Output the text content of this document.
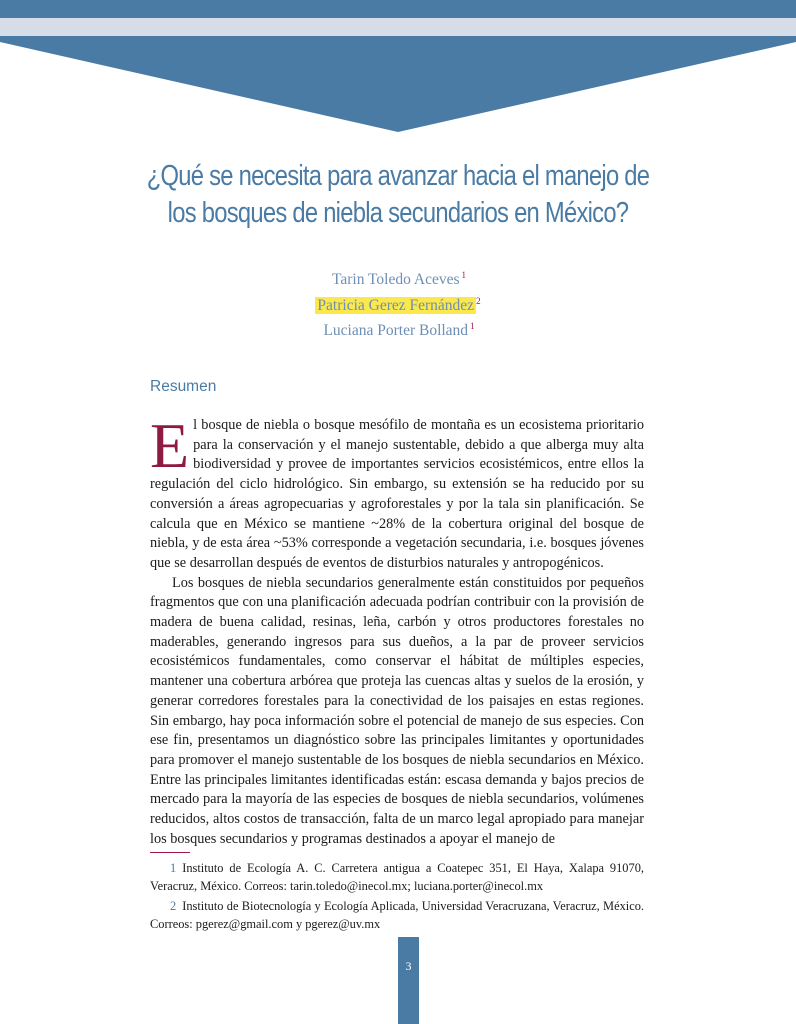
¿Qué se necesita para avanzar hacia el manejo de
los bosques de niebla secundarios en México?
Tarin Toledo Aceves $^1$
Patricia Gerez Fernández $^2$
Luciana Porter Bolland $^1$
Resumen

El bosque de niebla o bosque mesófilo de montaña es un ecosistema prioritario para la conservación y el manejo sustentable, debido a que alberga muy alta biodiversidad y provee de importantes servicios ecosistémicos, entre ellos la regulación del ciclo hidrológico. Sin embargo, su extensión se ha reducido por su conversión a áreas agropecuarias y agroforestales y por la tala sin planificación. Se calcula que en México se mantiene ~28% de la cobertura original del bosque de niebla, y de esta área ~53% corresponde a vegetación secundaria, i.e. bosques jóvenes que se desarrollan después de eventos de disturbios naturales y antropogénicos.

Los bosques de niebla secundarios generalmente están constituidos por pequeños fragmentos que con una planificación adecuada podrían contribuir con la provisión de madera de buena calidad, resinas, leña, carbón y otros productores forestales no maderables, generando ingresos para sus dueños, a la par de proveer servicios ecosistémicos fundamentales, como conservar el hábitat de múltiples especies, mantener una cobertura arbórea que proteja las cuencas altas y suelos de la erosión, y generar corredores forestales para la conectividad de los paisajes en estas regiones. Sin embargo, hay poca información sobre el potencial de manejo de sus especies. Con ese fin, presentamos un diagnóstico sobre las principales limitantes y oportunidades para promover el manejo sustentable de los bosques de niebla secundarios en México. Entre las principales limitantes identificadas están: escasa demanda y bajos precios de mercado para la mayoría de las especies de bosques de niebla secundarios, volúmenes reducidos, altos costos de transacción, falta de un marco legal apropiado para manejar los bosques secundarios y programas destinados a apoyar el manejo de

1 Instituto de Ecología A. C. Carretera antigua a Coatepec 351, El Haya, Xalapa 91070, Veracruz, México. Correos: tarin.toledo@inecol.mx; luciana.porter@inecol.mx

2 Instituto de Biotecnología y Ecología Aplicada, Universidad Veracruzana, Veracruz, México. Correos: pgerez@gmail.com y pgerez@uv.mx

3
